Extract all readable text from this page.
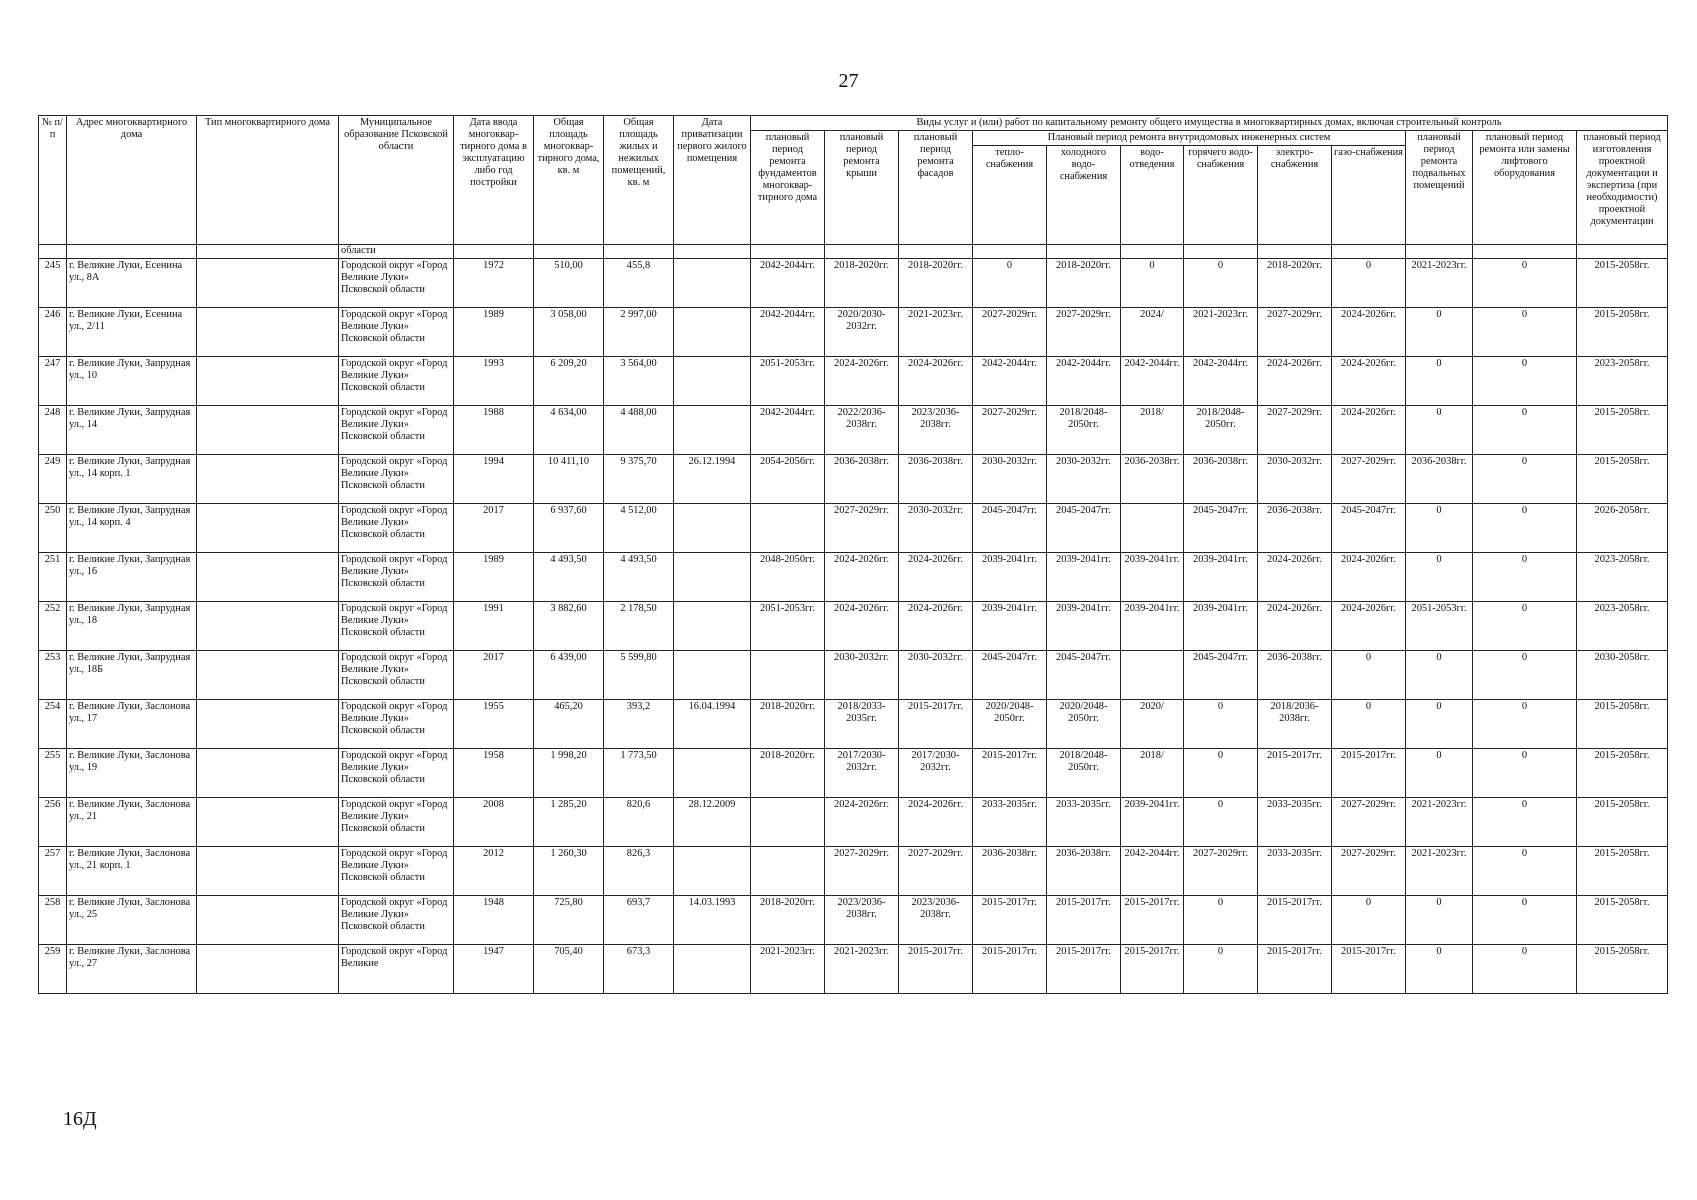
27
№ п/п	Адрес многоквартирного дома	Тип многоквартирного дома	Муниципальное образование Псковской области	Дата ввода многоквар-тирного дома в эксплуатацию либо год постройки	Общая площадь многоквар-тирного дома, кв. м	Общая площадь жилых и нежилых помещений, кв. м	Дата приватизации первого жилого помещения	Виды услуг и (или) работ по капитальному ремонту общего имущества в многоквартирных домах, включая строительный контроль											
								плановый период ремонта фундаментов многоквар-тирного дома	плановый период ремонта крыши	плановый период ремонта фасадов	Плановый период ремонта внутридомовых инженерных систем						плановый период ремонта подвальных помещений	плановый период ремонта или замены лифтового оборудования	плановый период изготовления проектной документации и экспертиза (при необходимости) проектной документации
											тепло-снабжения	холодного водо-снабжения	водо-отведения	горячего водо-снабжения	электро-снабжения	газо-снабжения			
			области																
245	г. Великие Луки, Есенина ул., 8А		Городской округ «Город Великие Луки» Псковской области	1972	510,00	455,8		2042-2044гг.	2018-2020гг.	2018-2020гг.	0	2018-2020гг.	0	0	2018-2020гг.	0	2021-2023гг.	0	2015-2058гг.
246	г. Великие Луки, Есенина ул., 2/11		Городской округ «Город Великие Луки» Псковской области	1989	3 058,00	2 997,00		2042-2044гг.	2020/2030-2032гг.	2021-2023гг.	2027-2029гг.	2027-2029гг.	2024/	2021-2023гг.	2027-2029гг.	2024-2026гг.	0	0	2015-2058гг.
247	г. Великие Луки, Запрудная ул., 10		Городской округ «Город Великие Луки» Псковской области	1993	6 209,20	3 564,00		2051-2053гг.	2024-2026гг.	2024-2026гг.	2042-2044гг.	2042-2044гг.	2042-2044гг.	2042-2044гг.	2024-2026гг.	2024-2026гг.	0	0	2023-2058гг.
248	г. Великие Луки, Запрудная ул., 14		Городской округ «Город Великие Луки» Псковской области	1988	4 634,00	4 488,00		2042-2044гг.	2022/2036-2038гг.	2023/2036-2038гг.	2027-2029гг.	2018/2048-2050гг.	2018/	2018/2048-2050гг.	2027-2029гг.	2024-2026гг.	0	0	2015-2058гг.
249	г. Великие Луки, Запрудная ул., 14 корп. 1		Городской округ «Город Великие Луки» Псковской области	1994	10 411,10	9 375,70	26.12.1994	2054-2056гг.	2036-2038гг.	2036-2038гг.	2030-2032гг.	2030-2032гг.	2036-2038гг.	2036-2038гг.	2030-2032гг.	2027-2029гг.	2036-2038гг.	0	2015-2058гг.
250	г. Великие Луки, Запрудная ул., 14 корп. 4		Городской округ «Город Великие Луки» Псковской области	2017	6 937,60	4 512,00			2027-2029гг.	2030-2032гг.	2045-2047гг.	2045-2047гг.		2045-2047гг.	2036-2038гг.	2045-2047гг.	0	0	2026-2058гг.
251	г. Великие Луки, Запрудная ул., 16		Городской округ «Город Великие Луки» Псковской области	1989	4 493,50	4 493,50		2048-2050гг.	2024-2026гг.	2024-2026гг.	2039-2041гг.	2039-2041гг.	2039-2041гг.	2039-2041гг.	2024-2026гг.	2024-2026гг.	0	0	2023-2058гг.
252	г. Великие Луки, Запрудная ул., 18		Городской округ «Город Великие Луки» Псковской области	1991	3 882,60	2 178,50		2051-2053гг.	2024-2026гг.	2024-2026гг.	2039-2041гг.	2039-2041гг.	2039-2041гг.	2039-2041гг.	2024-2026гг.	2024-2026гг.	2051-2053гг.	0	2023-2058гг.
253	г. Великие Луки, Запрудная ул., 18Б		Городской округ «Город Великие Луки» Псковской области	2017	6 439,00	5 599,80			2030-2032гг.	2030-2032гг.	2045-2047гг.	2045-2047гг.		2045-2047гг.	2036-2038гг.	0	0	0	2030-2058гг.
254	г. Великие Луки, Заслонова ул., 17		Городской округ «Город Великие Луки» Псковской области	1955	465,20	393,2	16.04.1994	2018-2020гг.	2018/2033-2035гг.	2015-2017гг.	2020/2048-2050гг.	2020/2048-2050гг.	2020/	0	2018/2036-2038гг.	0	0	0	2015-2058гг.
255	г. Великие Луки, Заслонова ул., 19		Городской округ «Город Великие Луки» Псковской области	1958	1 998,20	1 773,50		2018-2020гг.	2017/2030-2032гг.	2017/2030-2032гг.	2015-2017гг.	2018/2048-2050гг.	2018/	0	2015-2017гг.	2015-2017гг.	0	0	2015-2058гг.
256	г. Великие Луки, Заслонова ул., 21		Городской округ «Город Великие Луки» Псковской области	2008	1 285,20	820,6	28.12.2009		2024-2026гг.	2024-2026гг.	2033-2035гг.	2033-2035гг.	2039-2041гг.	0	2033-2035гг.	2027-2029гг.	2021-2023гг.	0	2015-2058гг.
257	г. Великие Луки, Заслонова ул., 21 корп. 1		Городской округ «Город Великие Луки» Псковской области	2012	1 260,30	826,3			2027-2029гг.	2027-2029гг.	2036-2038гг.	2036-2038гг.	2042-2044гг.	2027-2029гг.	2033-2035гг.	2027-2029гг.	2021-2023гг.	0	2015-2058гг.
258	г. Великие Луки, Заслонова ул., 25		Городской округ «Город Великие Луки» Псковской области	1948	725,80	693,7	14.03.1993	2018-2020гг.	2023/2036-2038гг.	2023/2036-2038гг.	2015-2017гг.	2015-2017гг.	2015-2017гг.	0	2015-2017гг.	0	0	0	2015-2058гг.
259	г. Великие Луки, Заслонова ул., 27		Городской округ «Город Великие	1947	705,40	673,3		2021-2023гг.	2021-2023гг.	2015-2017гг.	2015-2017гг.	2015-2017гг.	2015-2017гг.	0	2015-2017гг.	2015-2017гг.	0	0	2015-2058гг.
16Д
